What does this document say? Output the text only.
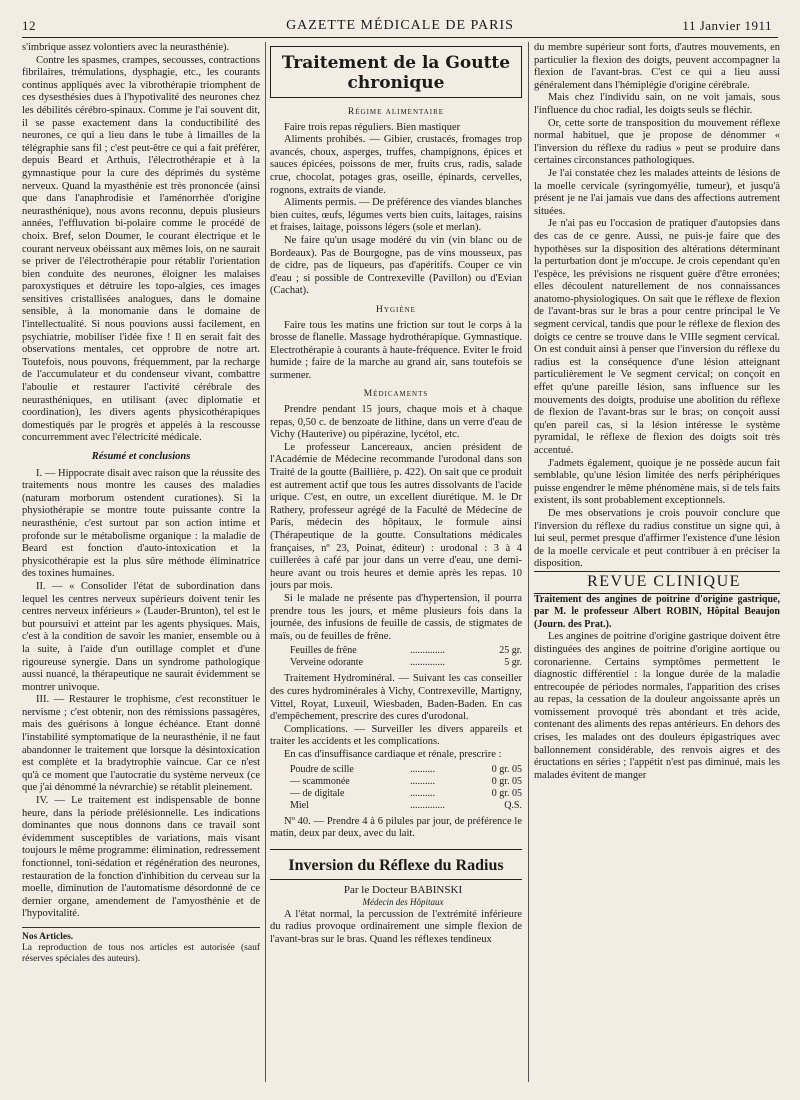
12	GAZETTE MÉDICALE DE PARIS	11 Janvier 1911

s'imbrique assez volontiers avec la neurasthénie).

Contre les spasmes, crampes, secousses, contractions fibrilaires, trémulations, dysphagie, etc., les courants continus appliqués avec la vibrothérapie triomphent de ces dysesthésies dues à l'hypotivalité des neurones chez les débilités cérébro-spinaux. Comme je l'ai souvent dit, il se passe exactement dans la conductibilité des neurones, ce qui a lieu dans le tube à limailles de la télégraphie sans fil ; c'est peut-être ce qui a fait préférer, depuis Beard et Arthuis, l'électrothérapie et à la gymnastique pour la cure des déprimés du système nerveux. Quand la myasthénie est très prononcée (ainsi que dans l'anaphrodisie et l'aménorrhée d'origine neurasthénique), nous avons reconnu, depuis plusieurs années, l'effluvation bi-polaire comme le procédé de choix. Bref, selon Doumer, le courant électrique et le courant nerveux obéissant aux mêmes lois, on ne saurait se priver de l'électrothérapie pour rétablir l'orientation bien conduite des neurones, éloigner les malaises paroxystiques et détruire les topo-algies, ces images sensitives cristallisées analogues, dans le domaine sensible, à la monomanie dans le domaine de l'intellectualité. Si nous pouvions aussi facilement, en psychiatrie, mobiliser l'idée fixe ! Il en serait fait des observations mentales, cet opprobre de notre art. Toutefois, nous pouvons, fréquemment, par la recharge de l'accumulateur et du condenseur vivant, combattre l'aboulie et restaurer l'activité cérébrale des neurasthéniques, en utilisant (avec diplomatie et coordination), les divers agents physicothérapiques domestiqués par le progrès et appelés à la rescousse concurremment avec l'électricité médicale.

Résumé et conclusions

I. — Hippocrate disait avec raison que la réussite des traitements nous montre les causes des maladies (naturam morborum ostendent curationes). Si la physiothérapie se montre toute puissante contre la neurasthénie, c'est surtout par son action intime et profonde sur le métabolisme organique : la maladie de Beard est fonction d'auto-intoxication et la physicothérapie est la plus sûre méthode éliminatrice des toxines humaines.

II. — « Consolider l'état de subordination dans lequel les centres nerveux supérieurs doivent tenir les centres nerveux inférieurs » (Lauder-Brunton), tel est le but poursuivi et atteint par les agents physiques. Mais, c'est à la condition de savoir les manier, ensemble ou à la suite, à l'aide d'un outillage complet et d'une rigoureuse synergie. Dans un syndrome pathologique aussi nuancé, la thérapeutique ne saurait évidemment se montrer univoque.

III. — Restaurer le trophisme, c'est reconstituer le nervisme ; c'est obtenir, non des rémissions passagères, mais des guérisons à longue échéance. Etant donné l'instabilité symptomatique de la neurasthénie, il ne faut abandonner le traitement que lorsque la désintoxication est complète et la bradytrophie vaincue. Car ce n'est qu'à ce moment que l'autocratie du système nerveux (ce que j'ai dénommé la névrarchie) se rétablit pleinement.

IV. — Le traitement est indispensable de bonne heure, dans la période prélésionnelle. Les indications dominantes que nous donnons dans ce travail sont évidemment susceptibles de variations, mais visant toujours le même programme: élimination, redressement fonctionnel, toni-sédation et régénération des neurones, restauration de la fonction d'inhibition du cerveau sur la moelle, diminution de l'automatisme désordonné de ce dernier organe, amendement de l'amyosthénie et de l'hypovitalité.

Nos Articles.
La reproduction de tous nos articles est autorisée (sauf réserves spéciales des auteurs).
Traitement de la Goutte chronique

Régime alimentaire

Faire trois repas réguliers. Bien mastiquer

Aliments prohibés. — Gibier, crustacés, fromages trop avancés, choux, asperges, truffes, champignons, épices et sauces épicées, poissons de mer, fruits crus, radis, salade crue, chocolat, potages gras, oseille, épinards, cervelles, rognons, extraits de viande.

Aliments permis. — De préférence des viandes blanches bien cuites, œufs, légumes verts bien cuits, laitages, raisins et fraises, laitage, poissons légers (sole et merlan).

Ne faire qu'un usage modéré du vin (vin blanc ou de Bordeaux). Pas de Bourgogne, pas de vins mousseux, pas de cidre, pas de liqueurs, pas d'apéritifs. Couper ce vin d'eau ; si possible de Contrexeville (Pavillon) ou d'Evian (Cachat).

Hygiène

Faire tous les matins une friction sur tout le corps à la brosse de flanelle. Massage hydrothérapique. Gymnastique. Electrothérapie à courants à haute-fréquence. Eviter le froid humide ; faire de la marche au grand air, sans toutefois se surmener.

Médicaments

Prendre pendant 15 jours, chaque mois et à chaque repas, 0,50 c. de benzoate de lithine, dans un verre d'eau de Vichy (Hauterive) ou pipérazine, lycétol, etc.

Le professeur Lancereaux, ancien président de l'Académie de Médecine recommande l'urodonal dans son Traité de la goutte (Baillière, p. 422). On sait que ce produit est autrement actif que tous les autres dissolvants de l'acide urique. C'est, en outre, un excellent diurétique. M. le Dr Rathery, professeur agrégé de la Faculté de Médecine de Paris, médecin des hôpitaux, le formule ainsi (Thérapeutique de la goutte. Consultations médicales françaises, nº 23, Poinat, éditeur) : urodonal : 3 à 4 cuillerées à café par jour dans un verre d'eau, une demi-heure avant ou trois heures et demie après les repas. 10 jours par mois.

Si le malade ne présente pas d'hypertension, il pourra prendre tous les jours, et même plusieurs fois dans la journée, des infusions de feuille de cassis, de stigmates de maïs, ou de feuilles de frêne.

Feuilles de frêne	..............	25 gr.
Verveine odorante	..............	5 gr.

Traitement Hydrominéral. — Suivant les cas conseiller des cures hydrominérales à Vichy, Contrexeville, Martigny, Vittel, Royat, Luxeuil, Wiesbaden, Baden-Baden. En cas d'empêchement, prescrire des cures d'urodonal.

Complications. — Surveiller les divers appareils et traiter les accidents et les complications.

En cas d'insuffisance cardiaque et rénale, prescrire :

Poudre de scille	..........	0 gr. 05
— scammonée	..........	0 gr. 05
— de digitale	..........	0 gr. 05
Miel	..............	Q.S.

Nº 40. — Prendre 4 à 6 pilules par jour, de préférence le matin, deux par deux, avec du lait.

Inversion du Réflexe du Radius

Par le Docteur BABINSKI

Médecin des Hôpitaux

A l'état normal, la percussion de l'extrémité inférieure du radius provoque ordinairement une simple flexion de l'avant-bras sur le bras. Quand les réflexes tendineux

du membre supérieur sont forts, d'autres mouvements, en particulier la flexion des doigts, peuvent accompagner la flexion de l'avant-bras. C'est ce qui a lieu aussi généralement dans l'hémiplégie d'origine cérébrale.

Mais chez l'individu sain, on ne voit jamais, sous l'influence du choc radial, les doigts seuls se fléchir.

Or, cette sorte de transposition du mouvement réflexe normal habituel, que je propose de dénommer « l'inversion du réflexe du radius » peut se produire dans certaines circonstances pathologiques.

Je l'ai constatée chez les malades atteints de lésions de la moelle cervicale (syringomyélie, tumeur), et jusqu'à présent je ne l'ai jamais vue dans des affections autrement situées.

Je n'ai pas eu l'occasion de pratiquer d'autopsies dans des cas de ce genre. Aussi, ne puis-je faire que des hypothèses sur la disposition des altérations déterminant la perturbation dont je m'occupe. Je crois cependant qu'en l'espèce, les prévisions ne risquent guère d'être erronées; elles découlent naturellement de nos connaissances anatomo-physiologiques. On sait que le réflexe de flexion de l'avant-bras sur le bras a pour centre principal le Ve segment cervical, tandis que pour le réflexe de flexion des doigts ce centre se trouve dans le VIIIe segment cervical. On est conduit ainsi à penser que l'inversion du réflexe du radius est la conséquence d'une lésion atteignant particulièrement le Ve segment cervical; on conçoit en effet qu'une pareille lésion, sans influence sur les mouvements des doigts, produise une abolition du réflexe de flexion de l'avant-bras sur le bras; on conçoit aussi qu'en pareil cas, si la lésion intéresse le système pyramidal, le réflexe de flexion des doigts soit très accentué.

J'admets également, quoique je ne possède aucun fait semblable, qu'une lésion limitée des nerfs périphériques puisse engendrer le même phénomène mais, si de tels faits existent, ils sont probablement exceptionnels.

De mes observations je crois pouvoir conclure que l'inversion du réflexe du radius constitue un signe qui, à lui seul, permet presque d'affirmer l'existence d'une lésion de la moelle cervicale et peut contribuer à en préciser la disposition.

REVUE CLINIQUE

Traitement des angines de poitrine d'origine gastrique, par M. le professeur Albert ROBIN, Hôpital Beaujon (Journ. des Prat.).

Les angines de poitrine d'origine gastrique doivent être distinguées des angines de poitrine d'origine aortique ou coronarienne. Certains symptômes permettent le diagnostic différentiel : la longue durée de la maladie entrecoupée de périodes normales, l'apparition des crises au repas, la cessation de la douleur angoissante après un vomissement provoqué très abondant et très acide, contenant des aliments des repas antérieurs. En dehors des crises, les malades ont des douleurs épigastriques avec ballonnement considérable, des renvois aigres et des éructations en séries ; l'appétit n'est pas diminué, mais les malades évitent de manger
